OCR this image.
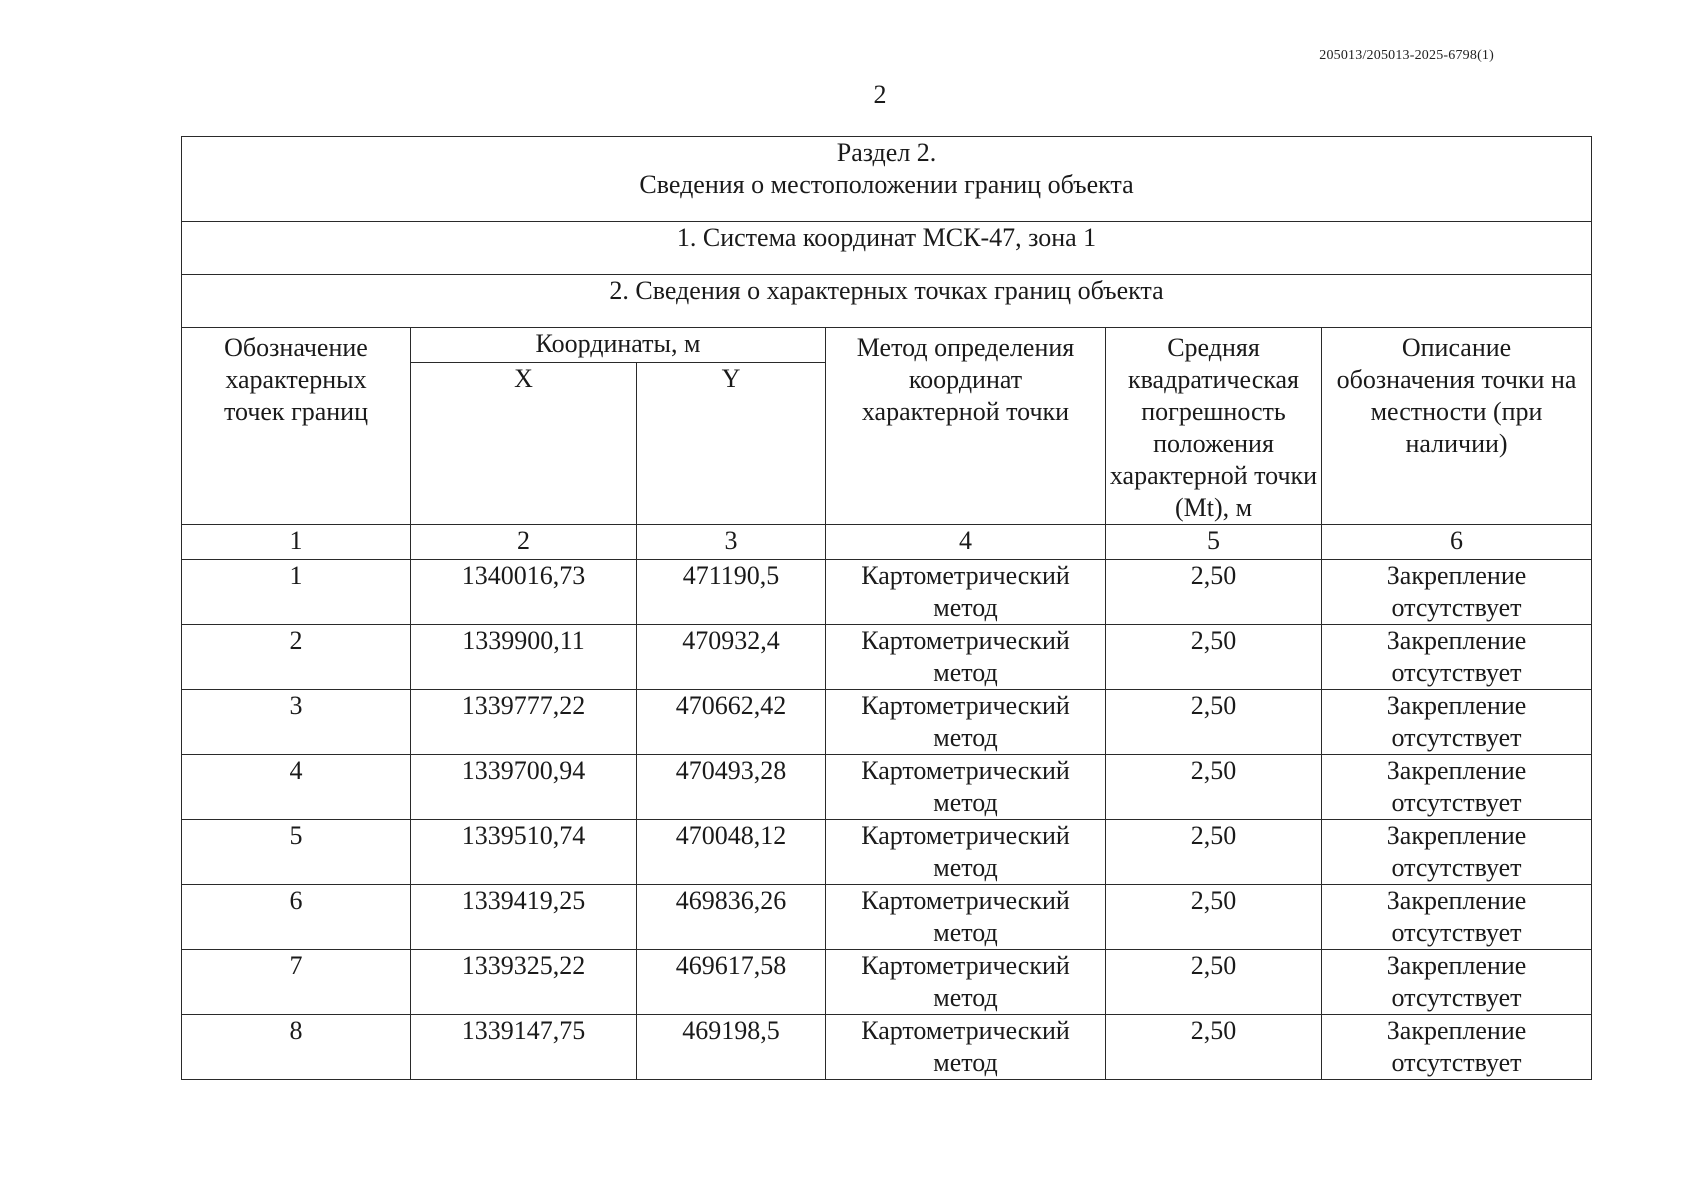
205013/205013-2025-6798(1)
2
Раздел 2.
Сведения о местоположении границ объекта					

1. Система координат МСК-47, зона 1					
2. Сведения о характерных точках границ объекта					
Обозначение характерных точек границ	Координаты, м		Метод определения координат характерной точки	Средняя квадратическая погрешность положения характерной точки (Mt), м	Описание обозначения точки на местности (при наличии)
	X	Y			
1	2	3	4	5	6
1	1340016,73	471190,5	Картометрический метод	2,50	Закрепление отсутствует
2	1339900,11	470932,4	Картометрический метод	2,50	Закрепление отсутствует
3	1339777,22	470662,42	Картометрический метод	2,50	Закрепление отсутствует
4	1339700,94	470493,28	Картометрический метод	2,50	Закрепление отсутствует
5	1339510,74	470048,12	Картометрический метод	2,50	Закрепление отсутствует
6	1339419,25	469836,26	Картометрический метод	2,50	Закрепление отсутствует
7	1339325,22	469617,58	Картометрический метод	2,50	Закрепление отсутствует
8	1339147,75	469198,5	Картометрический метод	2,50	Закрепление отсутствует
